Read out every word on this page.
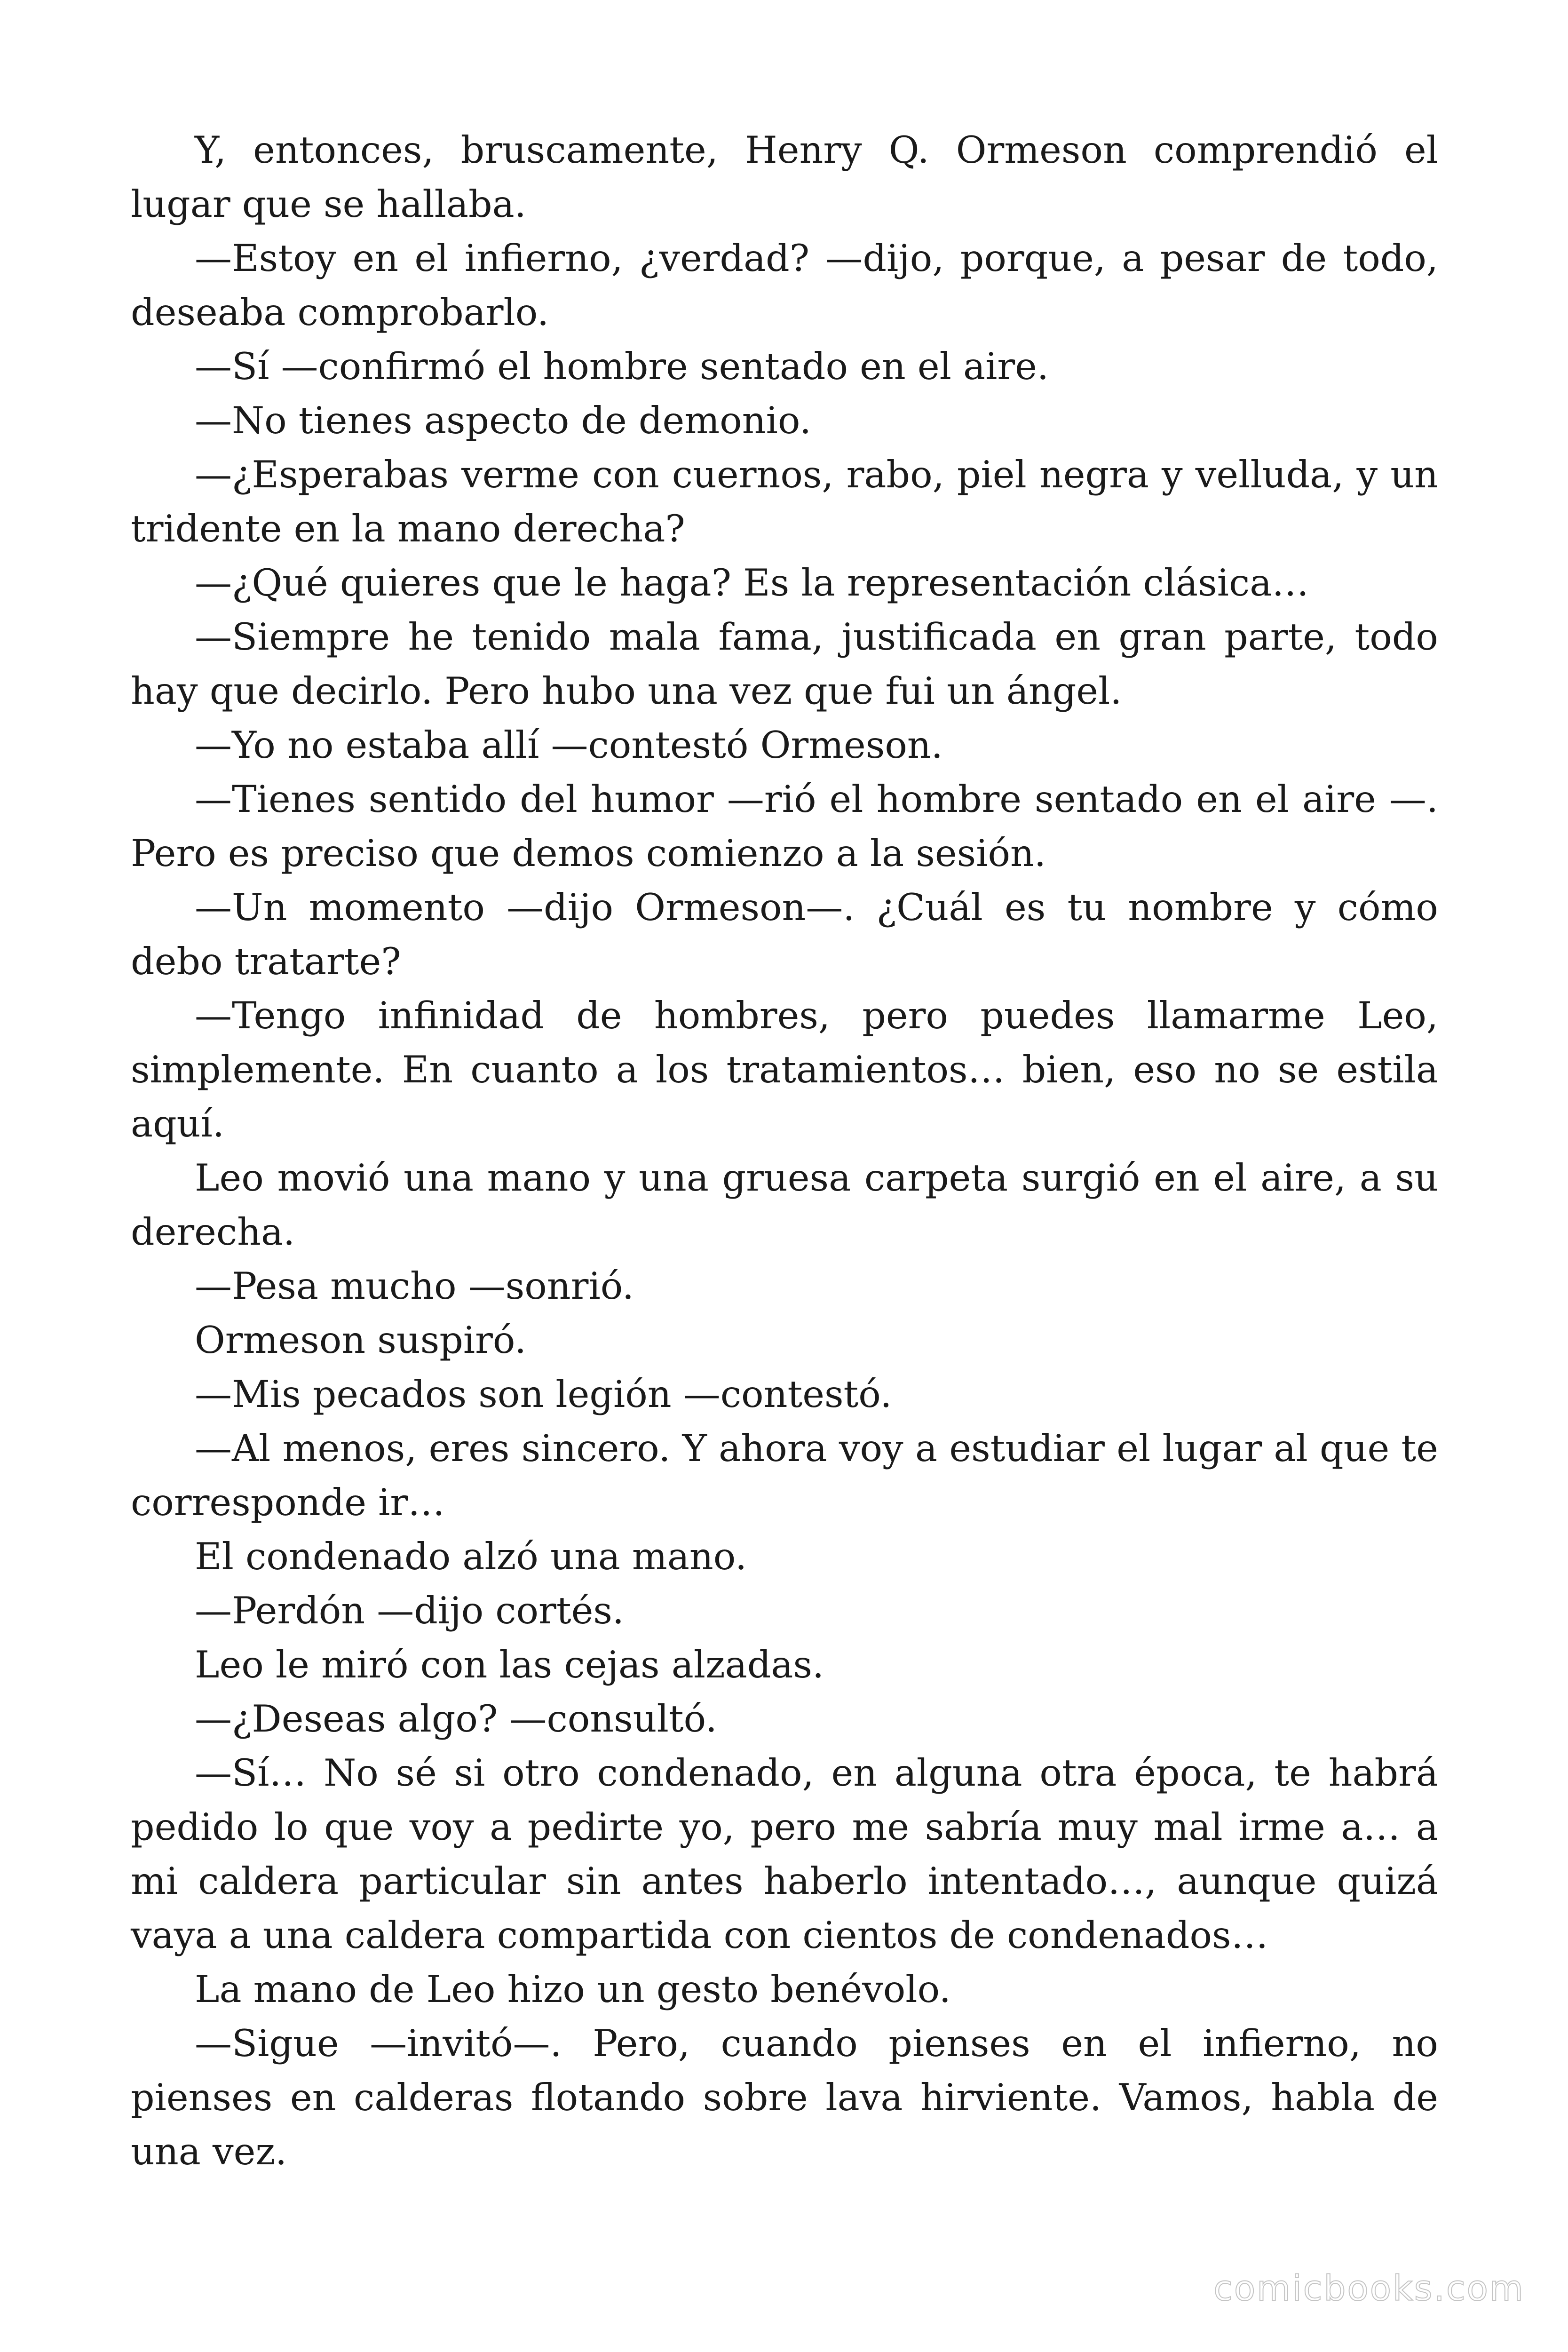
Y, entonces, bruscamente, Henry Q. Ormeson comprendió el lugar que se hallaba.

—Estoy en el infierno, ¿verdad? —dijo, porque, a pesar de todo, deseaba comprobarlo.

—Sí —confirmó el hombre sentado en el aire.

—No tienes aspecto de demonio.

—¿Esperabas verme con cuernos, rabo, piel negra y velluda, y un tridente en la mano derecha?

—¿Qué quieres que le haga? Es la representación clásica…

—Siempre he tenido mala fama, justificada en gran parte, todo hay que decirlo. Pero hubo una vez que fui un ángel.

—Yo no estaba allí —contestó Ormeson.

—Tienes sentido del humor —rió el hombre sentado en el aire —. Pero es preciso que demos comienzo a la sesión.

—Un momento —dijo Ormeson—. ¿Cuál es tu nombre y cómo debo tratarte?

—Tengo infinidad de hombres, pero puedes llamarme Leo, simplemente. En cuanto a los tratamientos… bien, eso no se estila aquí.

Leo movió una mano y una gruesa carpeta surgió en el aire, a su derecha.

—Pesa mucho —sonrió.

Ormeson suspiró.

—Mis pecados son legión —contestó.

—Al menos, eres sincero. Y ahora voy a estudiar el lugar al que te corresponde ir…

El condenado alzó una mano.

—Perdón —dijo cortés.

Leo le miró con las cejas alzadas.

—¿Deseas algo? —consultó.

—Sí… No sé si otro condenado, en alguna otra época, te habrá pedido lo que voy a pedirte yo, pero me sabría muy mal irme a… a mi caldera particular sin antes haberlo intentado…, aunque quizá vaya a una caldera compartida con cientos de condenados…

La mano de Leo hizo un gesto benévolo.

—Sigue —invitó—. Pero, cuando pienses en el infierno, no pienses en calderas flotando sobre lava hirviente. Vamos, habla de una vez.

comicbooks.com
